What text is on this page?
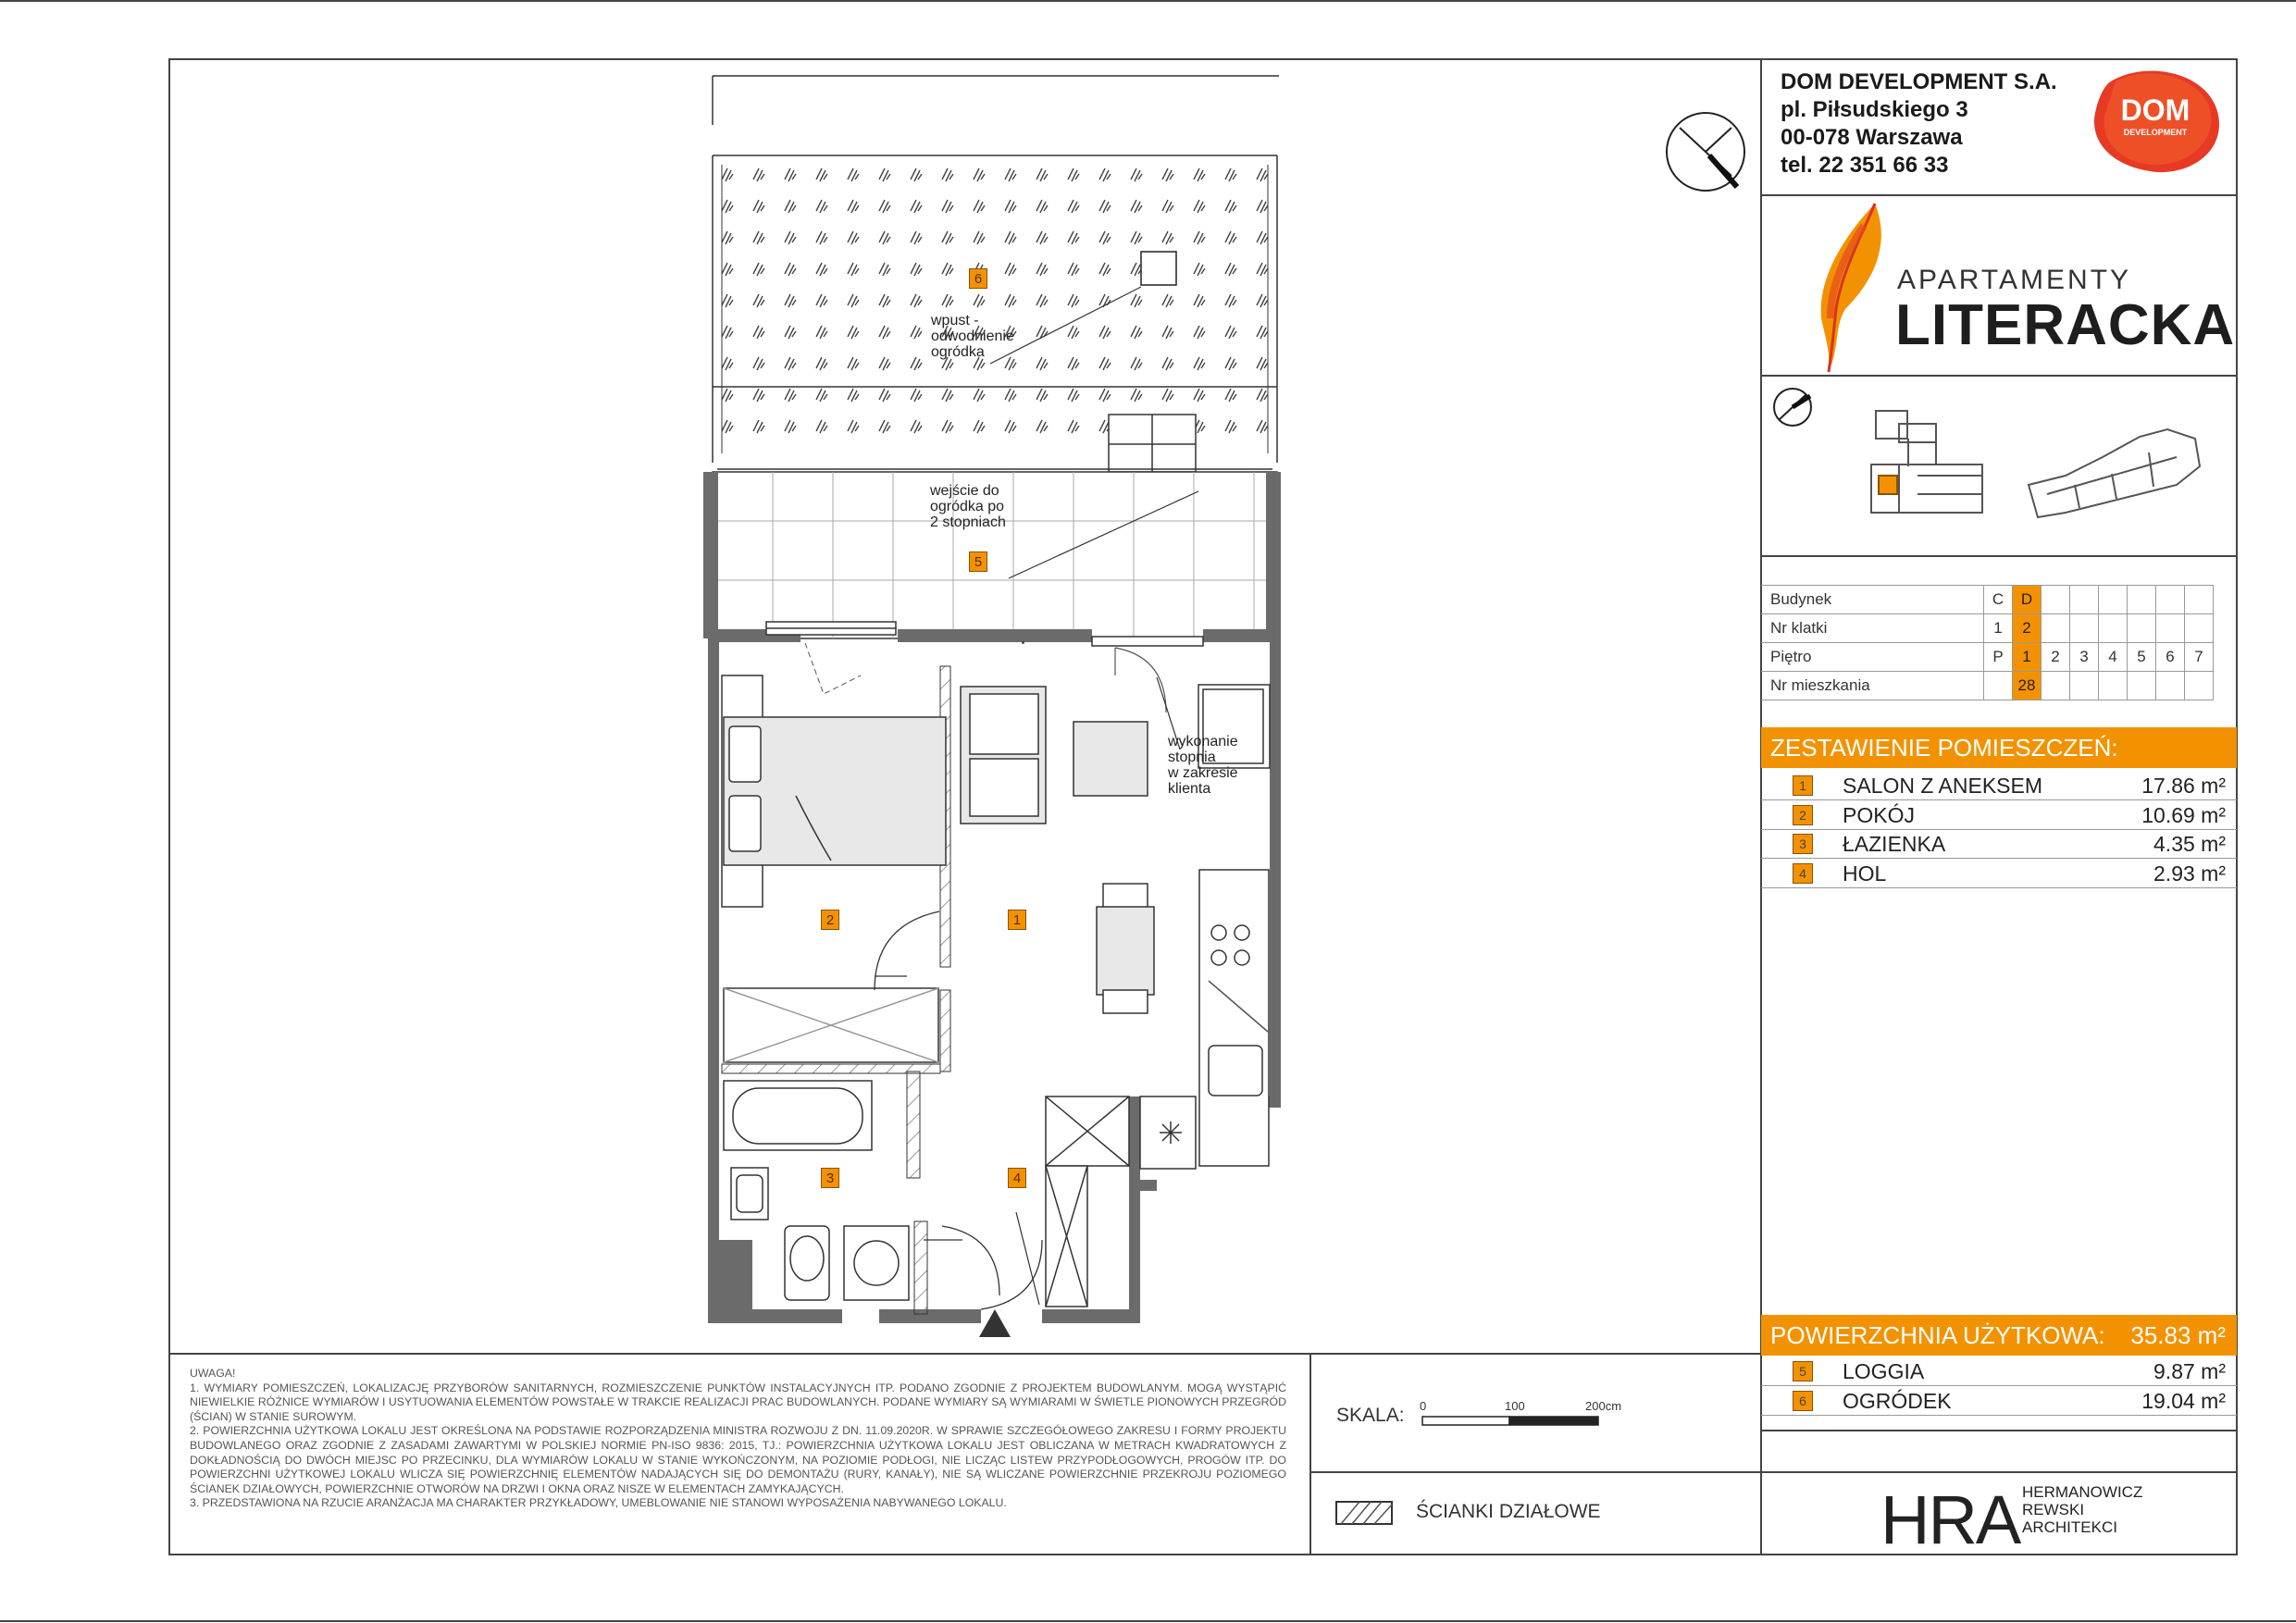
DOM DEVELOPMENT S.A.
pl. Piłsudskiego 3
00-078 Warszawa
tel. 22 351 66 33
DOM
DEVELOPMENT
APARTAMENTY
LITERACKA
Budynek	C	D						
Nr klatki	1	2						
Piętro	P	1	2	3	4	5	6	7
Nr mieszkania		28						
ZESTAWIENIE POMIESZCZEŃ:
1	SALON Z ANEKSEM	17.86 m²
2	POKÓJ	10.69 m²
3	ŁAZIENKA	4.35 m²
4	HOL	2.93 m²
POWIERZCHNIA UŻYTKOWA: 35.83 m²
5	LOGGIA	9.87 m²
6	OGRÓDEK	19.04 m²
UWAGA!
1. WYMIARY POMIESZCZEŃ, LOKALIZACJĘ PRZYBORÓW SANITARNYCH, ROZMIESZCZENIE PUNKTÓW INSTALACYJNYCH ITP. PODANO ZGODNIE Z PROJEKTEM BUDOWLANYM. MOGĄ WYSTĄPIĆ NIEWIELKIE RÓŻNICE WYMIARÓW I USYTUOWANIA ELEMENTÓW POWSTAŁE W TRAKCIE REALIZACJI PRAC BUDOWLANYCH. PODANE WYMIARY SĄ WYMIARAMI W ŚWIETLE PIONOWYCH PRZEGRÓD (ŚCIAN) W STANIE SUROWYM.
2. POWIERZCHNIA UŻYTKOWA LOKALU JEST OKREŚLONA NA PODSTAWIE ROZPORZĄDZENIA MINISTRA ROZWOJU Z DN. 11.09.2020R. W SPRAWIE SZCZEGÓŁOWEGO ZAKRESU I FORMY PROJEKTU BUDOWLANEGO ORAZ ZGODNIE Z ZASADAMI ZAWARTYMI W POLSKIEJ NORMIE PN-ISO 9836: 2015, TJ.: POWIERZCHNIA UŻYTKOWA LOKALU JEST OBLICZANA W METRACH KWADRATOWYCH Z DOKŁADNOŚCIĄ DO DWÓCH MIEJSC PO PRZECINKU, DLA WYMIARÓW LOKALU W STANIE WYKOŃCZONYM, NA POZIOMIE PODŁOGI, NIE LICZĄC LISTEW PRZYPODŁOGOWYCH, PROGÓW ITP. DO POWIERZCHNI UŻYTKOWEJ LOKALU WLICZA SIĘ POWIERZCHNIĘ ELEMENTÓW NADAJĄCYCH SIĘ DO DEMONTAŻU (RURY, KANAŁY), NIE SĄ WLICZANE POWIERZCHNIE PRZEKROJU POZIOMEGO ŚCIANEK DZIAŁOWYCH, POWIERZCHNIE OTWORÓW NA DRZWI I OKNA ORAZ NISZE W ELEMENTACH ZAMYKAJĄCYCH.
3. PRZEDSTAWIONA NA RZUCIE ARANŻACJA MA CHARAKTER PRZYKŁADOWY, UMEBLOWANIE NIE STANOWI WYPOSAŻENIA NABYWANEGO LOKALU.
SKALA: 0	100	200cm
ŚCIANKI DZIAŁOWE	HRA HERMANOWICZ
REWSKI
ARCHITEKCI
wpust -
odwodnienie
ogródka
wejście do
ogródka po
2 stopniach
wykonanie
stopnia
w zakresie
klienta
6
5
2	1
3	4
